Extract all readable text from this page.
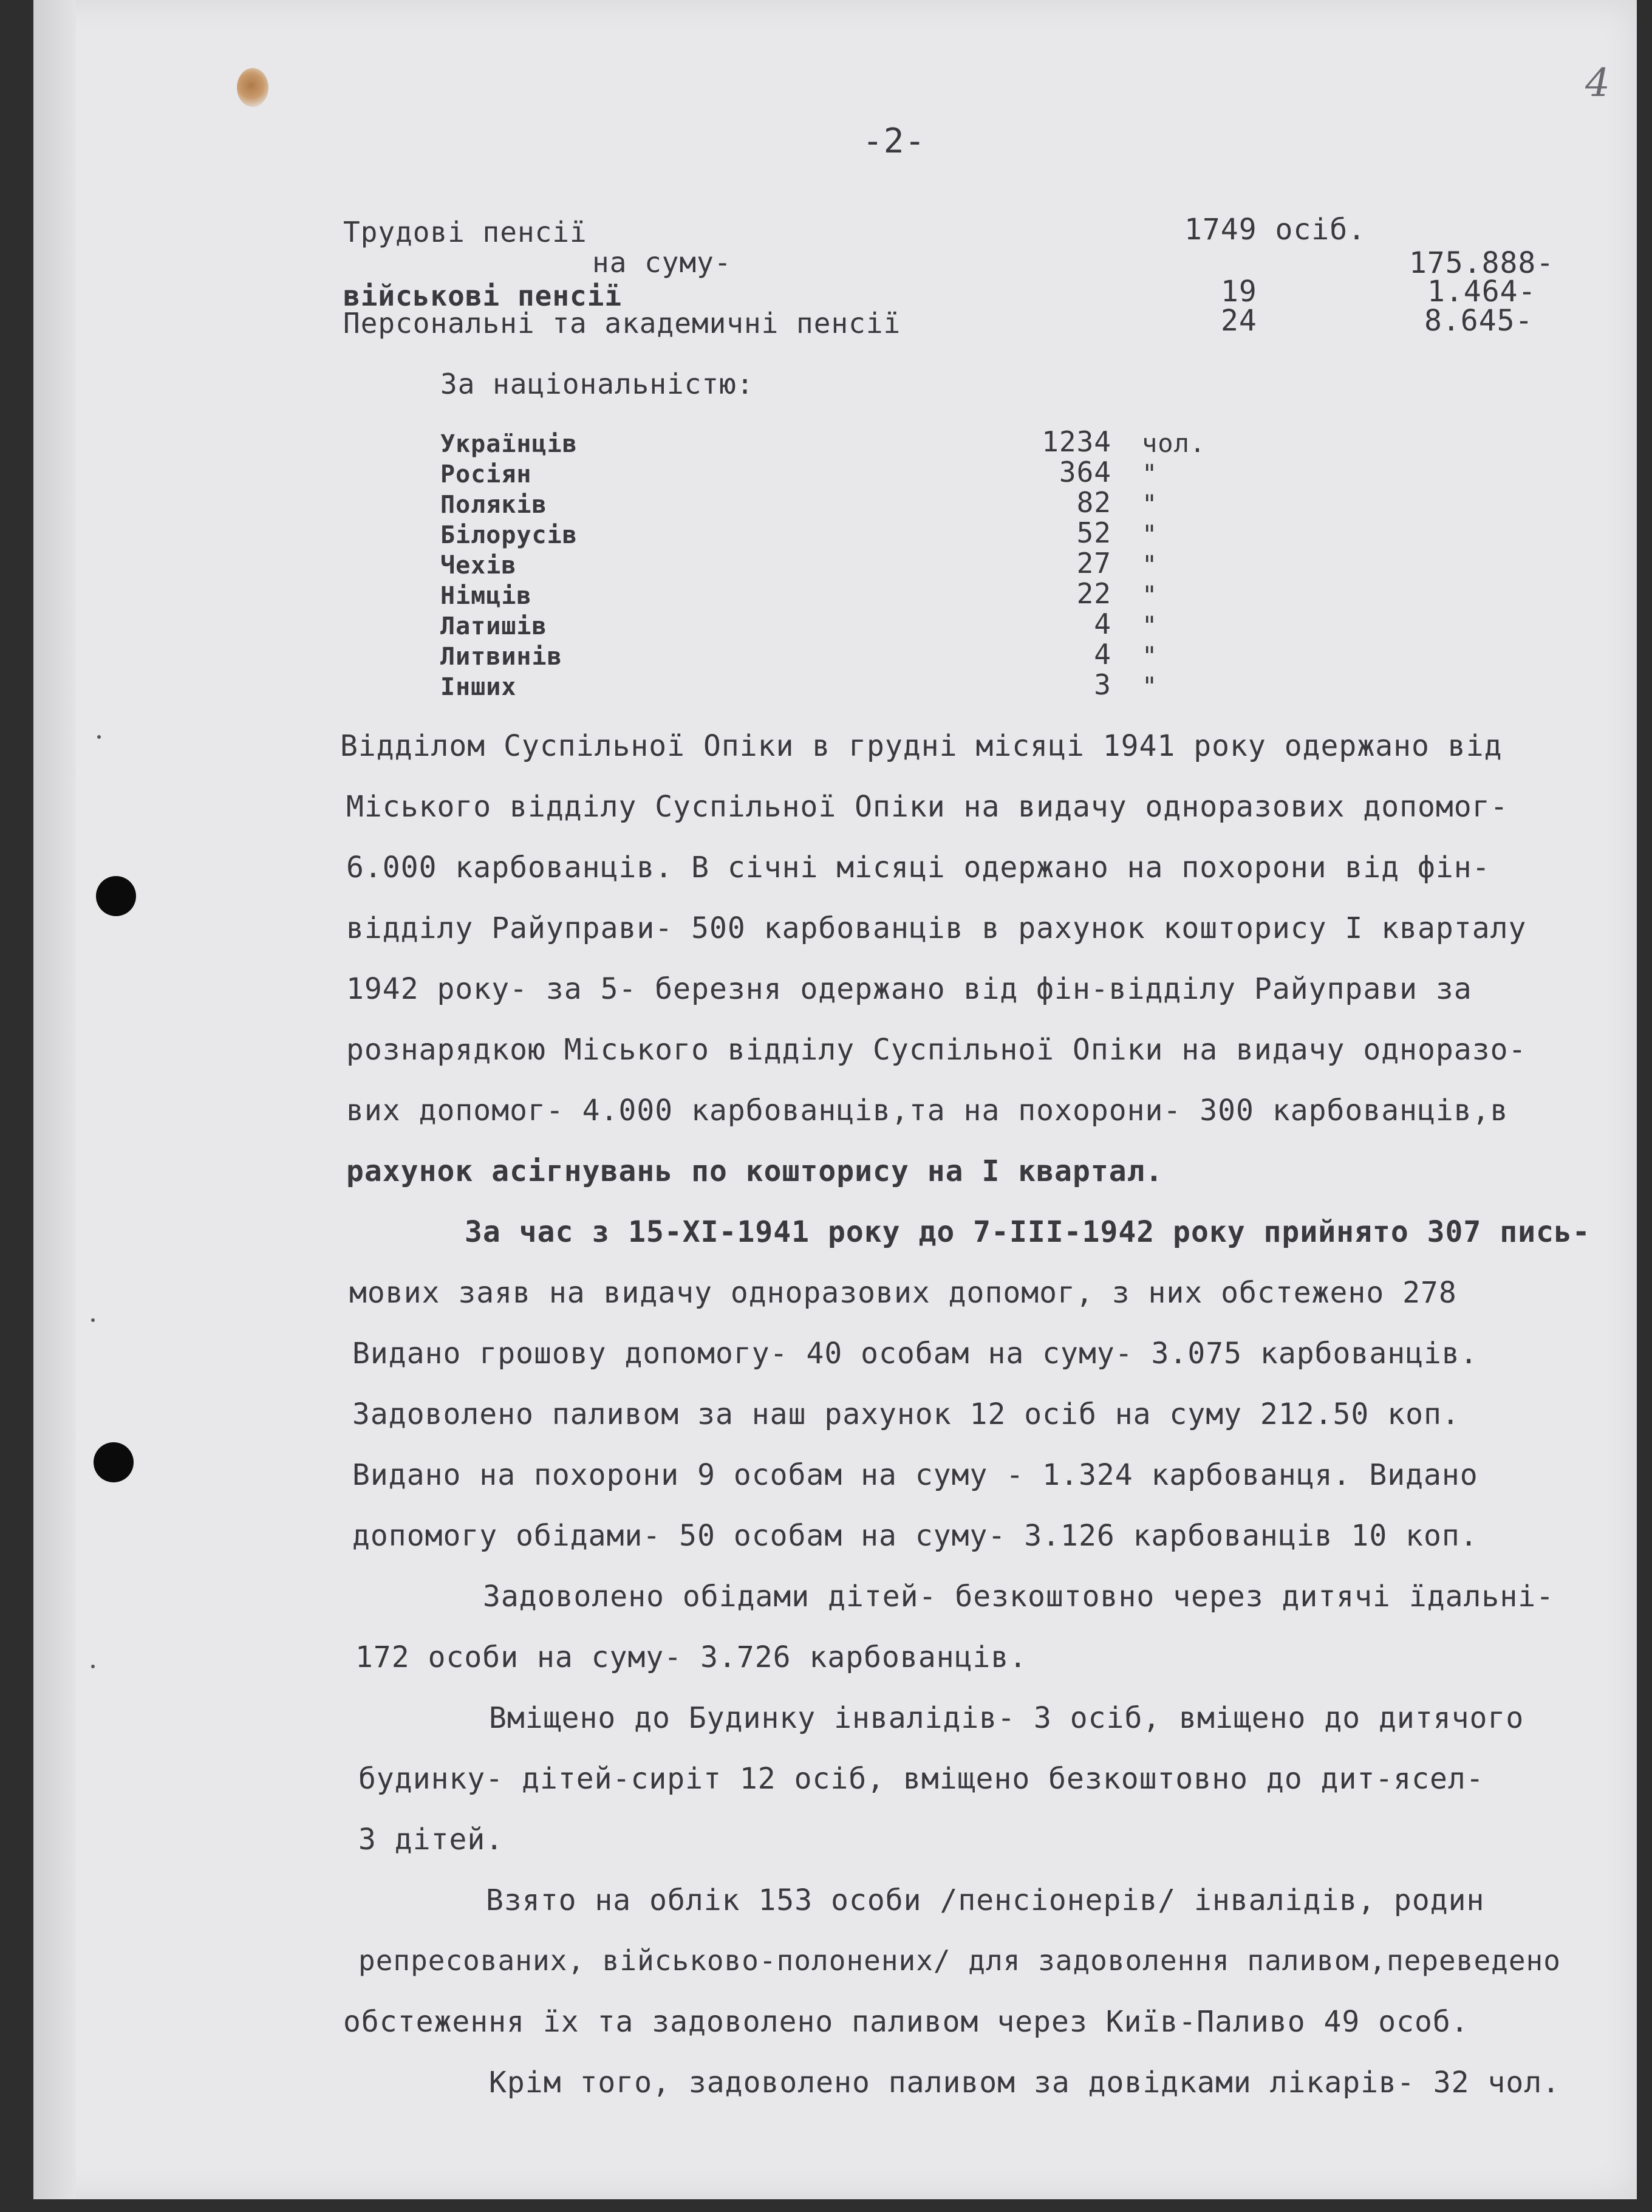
4
-2-
Трудові пенсії	1749 осіб.
на суму-	175.888-
військові пенсії	19	1.464-
Персональні та академичні пенсії	24	8.645-
За національністю:
Українців	1234 чол.
Росіян	364 "
Поляків	82 "
Білорусів	52 "
Чехів	27 "
Німців	22 "
Латишів	4 "
Литвинів	4 "
Інших	3 "
Відділом Суспільної Опіки в грудні місяці 1941 року одержано від
Міського відділу Суспільної Опіки на видачу одноразових допомог-
6.000 карбованців. В січні місяці одержано на похорони від фін-
відділу Райуправи- 500 карбованців в рахунок кошторису I кварталу
1942 року- за 5- березня одержано від фін-відділу Райуправи за
рознарядкою Міського відділу Суспільної Опіки на видачу одноразо-
вих допомог- 4.000 карбованців,та на похорони- 300 карбованців,в
рахунок асігнувань по кошторису на I квартал.
За час з 15-XI-1941 року до 7-III-1942 року прийнято 307 пись-
мових заяв на видачу одноразових допомог, з них обстежено 278
Видано грошову допомогу- 40 особам на суму- 3.075 карбованців.
Задоволено паливом за наш рахунок 12 осіб на суму 212.50 коп.
Видано на похорони 9 особам на суму - 1.324 карбованця. Видано
допомогу обідами- 50 особам на суму- 3.126 карбованців 10 коп.
Задоволено обідами дітей- безкоштовно через дитячі їдальні-
172 особи на суму- 3.726 карбованців.
Вміщено до Будинку інвалідів- 3 осіб, вміщено до дитячого
будинку- дітей-сиріт 12 осіб, вміщено безкоштовно до дит-ясел-
3 дітей.
Взято на облік 153 особи /пенсіонерів/ інвалідів, родин
репресованих, військово-полонених/ для задоволення паливом,переведено
обстеження їх та задоволено паливом через Київ-Паливо 49 особ.
Крім того, задоволено паливом за довідками лікарів- 32 чол.
